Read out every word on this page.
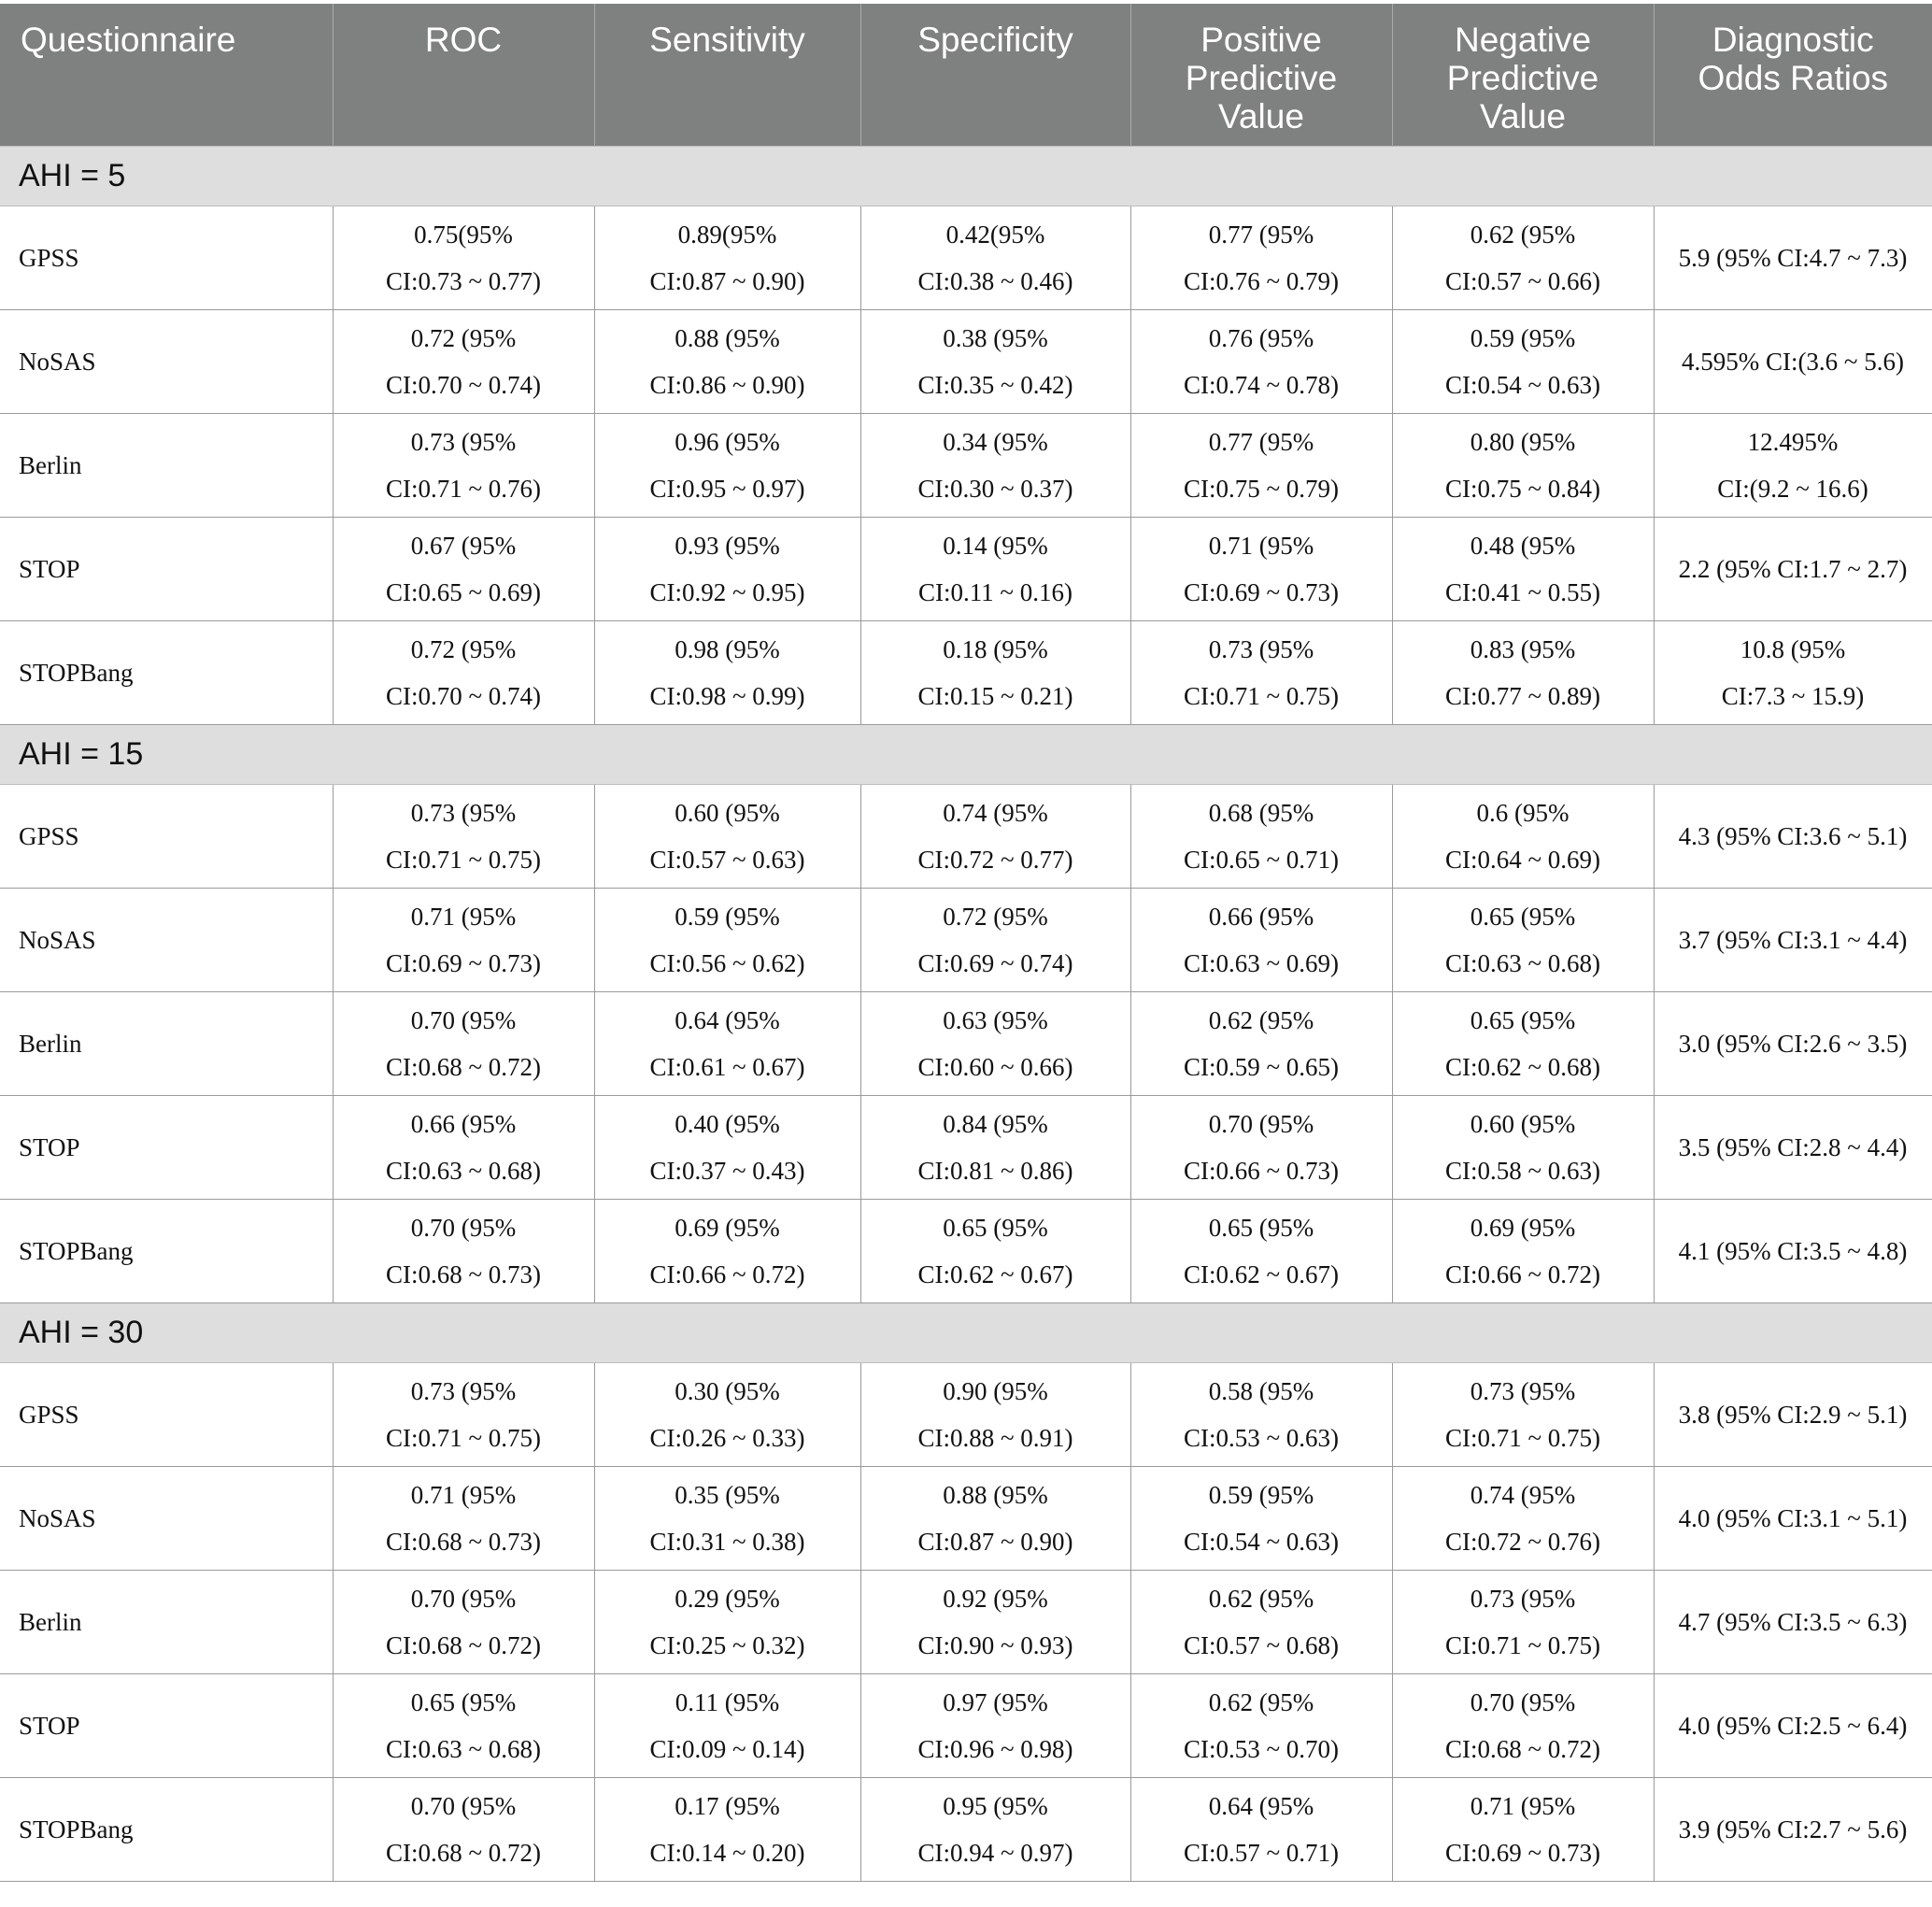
Questionnaire	ROC	Sensitivity	Specificity	Positive
Predictive
Value	Negative
Predictive
Value	Diagnostic
Odds Ratios

AHI = 5						
GPSS	0.75(95%
CI:0.73 ~ 0.77)	0.89(95%
CI:0.87 ~ 0.90)	0.42(95%
CI:0.38 ~ 0.46)	0.77 (95%
CI:0.76 ~ 0.79)	0.62 (95%
CI:0.57 ~ 0.66)	5.9 (95% CI:4.7 ~ 7.3)

NoSAS	0.72 (95%
CI:0.70 ~ 0.74)	0.88 (95%
CI:0.86 ~ 0.90)	0.38 (95%
CI:0.35 ~ 0.42)	0.76 (95%
CI:0.74 ~ 0.78)	0.59 (95%
CI:0.54 ~ 0.63)	4.595% CI:(3.6 ~ 5.6)

Berlin	0.73 (95%
CI:0.71 ~ 0.76)	0.96 (95%
CI:0.95 ~ 0.97)	0.34 (95%
CI:0.30 ~ 0.37)	0.77 (95%
CI:0.75 ~ 0.79)	0.80 (95%
CI:0.75 ~ 0.84)	12.495%
CI:(9.2 ~ 16.6)

STOP	0.67 (95%
CI:0.65 ~ 0.69)	0.93 (95%
CI:0.92 ~ 0.95)	0.14 (95%
CI:0.11 ~ 0.16)	0.71 (95%
CI:0.69 ~ 0.73)	0.48 (95%
CI:0.41 ~ 0.55)	2.2 (95% CI:1.7 ~ 2.7)

STOPBang	0.72 (95%
CI:0.70 ~ 0.74)	0.98 (95%
CI:0.98 ~ 0.99)	0.18 (95%
CI:0.15 ~ 0.21)	0.73 (95%
CI:0.71 ~ 0.75)	0.83 (95%
CI:0.77 ~ 0.89)	10.8 (95%
CI:7.3 ~ 15.9)

AHI = 15						
GPSS	0.73 (95%
CI:0.71 ~ 0.75)	0.60 (95%
CI:0.57 ~ 0.63)	0.74 (95%
CI:0.72 ~ 0.77)	0.68 (95%
CI:0.65 ~ 0.71)	0.6 (95%
CI:0.64 ~ 0.69)	4.3 (95% CI:3.6 ~ 5.1)

NoSAS	0.71 (95%
CI:0.69 ~ 0.73)	0.59 (95%
CI:0.56 ~ 0.62)	0.72 (95%
CI:0.69 ~ 0.74)	0.66 (95%
CI:0.63 ~ 0.69)	0.65 (95%
CI:0.63 ~ 0.68)	3.7 (95% CI:3.1 ~ 4.4)

Berlin	0.70 (95%
CI:0.68 ~ 0.72)	0.64 (95%
CI:0.61 ~ 0.67)	0.63 (95%
CI:0.60 ~ 0.66)	0.62 (95%
CI:0.59 ~ 0.65)	0.65 (95%
CI:0.62 ~ 0.68)	3.0 (95% CI:2.6 ~ 3.5)

STOP	0.66 (95%
CI:0.63 ~ 0.68)	0.40 (95%
CI:0.37 ~ 0.43)	0.84 (95%
CI:0.81 ~ 0.86)	0.70 (95%
CI:0.66 ~ 0.73)	0.60 (95%
CI:0.58 ~ 0.63)	3.5 (95% CI:2.8 ~ 4.4)

STOPBang	0.70 (95%
CI:0.68 ~ 0.73)	0.69 (95%
CI:0.66 ~ 0.72)	0.65 (95%
CI:0.62 ~ 0.67)	0.65 (95%
CI:0.62 ~ 0.67)	0.69 (95%
CI:0.66 ~ 0.72)	4.1 (95% CI:3.5 ~ 4.8)

AHI = 30						
GPSS	0.73 (95%
CI:0.71 ~ 0.75)	0.30 (95%
CI:0.26 ~ 0.33)	0.90 (95%
CI:0.88 ~ 0.91)	0.58 (95%
CI:0.53 ~ 0.63)	0.73 (95%
CI:0.71 ~ 0.75)	3.8 (95% CI:2.9 ~ 5.1)

NoSAS	0.71 (95%
CI:0.68 ~ 0.73)	0.35 (95%
CI:0.31 ~ 0.38)	0.88 (95%
CI:0.87 ~ 0.90)	0.59 (95%
CI:0.54 ~ 0.63)	0.74 (95%
CI:0.72 ~ 0.76)	4.0 (95% CI:3.1 ~ 5.1)

Berlin	0.70 (95%
CI:0.68 ~ 0.72)	0.29 (95%
CI:0.25 ~ 0.32)	0.92 (95%
CI:0.90 ~ 0.93)	0.62 (95%
CI:0.57 ~ 0.68)	0.73 (95%
CI:0.71 ~ 0.75)	4.7 (95% CI:3.5 ~ 6.3)

STOP	0.65 (95%
CI:0.63 ~ 0.68)	0.11 (95%
CI:0.09 ~ 0.14)	0.97 (95%
CI:0.96 ~ 0.98)	0.62 (95%
CI:0.53 ~ 0.70)	0.70 (95%
CI:0.68 ~ 0.72)	4.0 (95% CI:2.5 ~ 6.4)

STOPBang	0.70 (95%
CI:0.68 ~ 0.72)	0.17 (95%
CI:0.14 ~ 0.20)	0.95 (95%
CI:0.94 ~ 0.97)	0.64 (95%
CI:0.57 ~ 0.71)	0.71 (95%
CI:0.69 ~ 0.73)	3.9 (95% CI:2.7 ~ 5.6)
